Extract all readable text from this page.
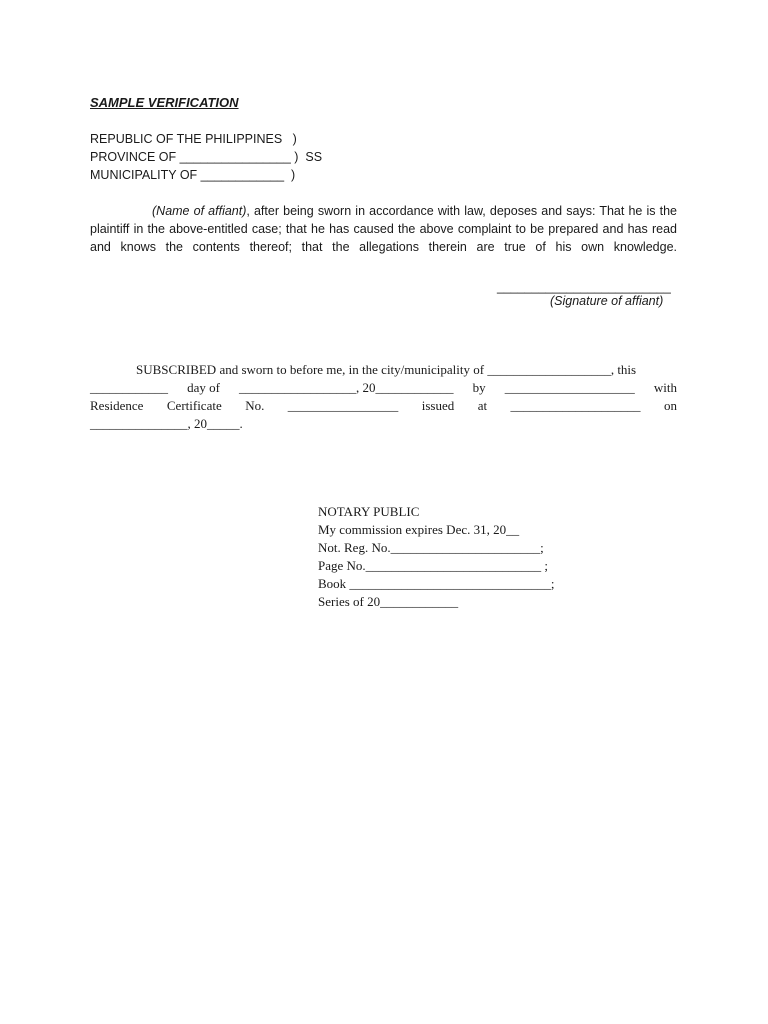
SAMPLE VERIFICATION
REPUBLIC OF THE PHILIPPINES   )
PROVINCE OF ________________ )  SS
MUNICIPALITY OF ____________  )
(Name of affiant), after being sworn in accordance with law, deposes and says: That he is the plaintiff in the above-entitled case; that he has caused the above complaint to be prepared and has read and knows the contents thereof; that the allegations therein are true of his own knowledge.
_________________________
(Signature of affiant)
SUBSCRIBED and sworn to before me, in the city/municipality of ___________________, this
____________ day of __________________, 20____________ by ____________________ with
Residence Certificate No. _________________ issued at ____________________ on
_______________, 20_____.
NOTARY PUBLIC
My commission expires Dec. 31, 20__
Not. Reg. No._______________________;
Page No.___________________________ ;
Book _______________________________;
Series of 20____________
